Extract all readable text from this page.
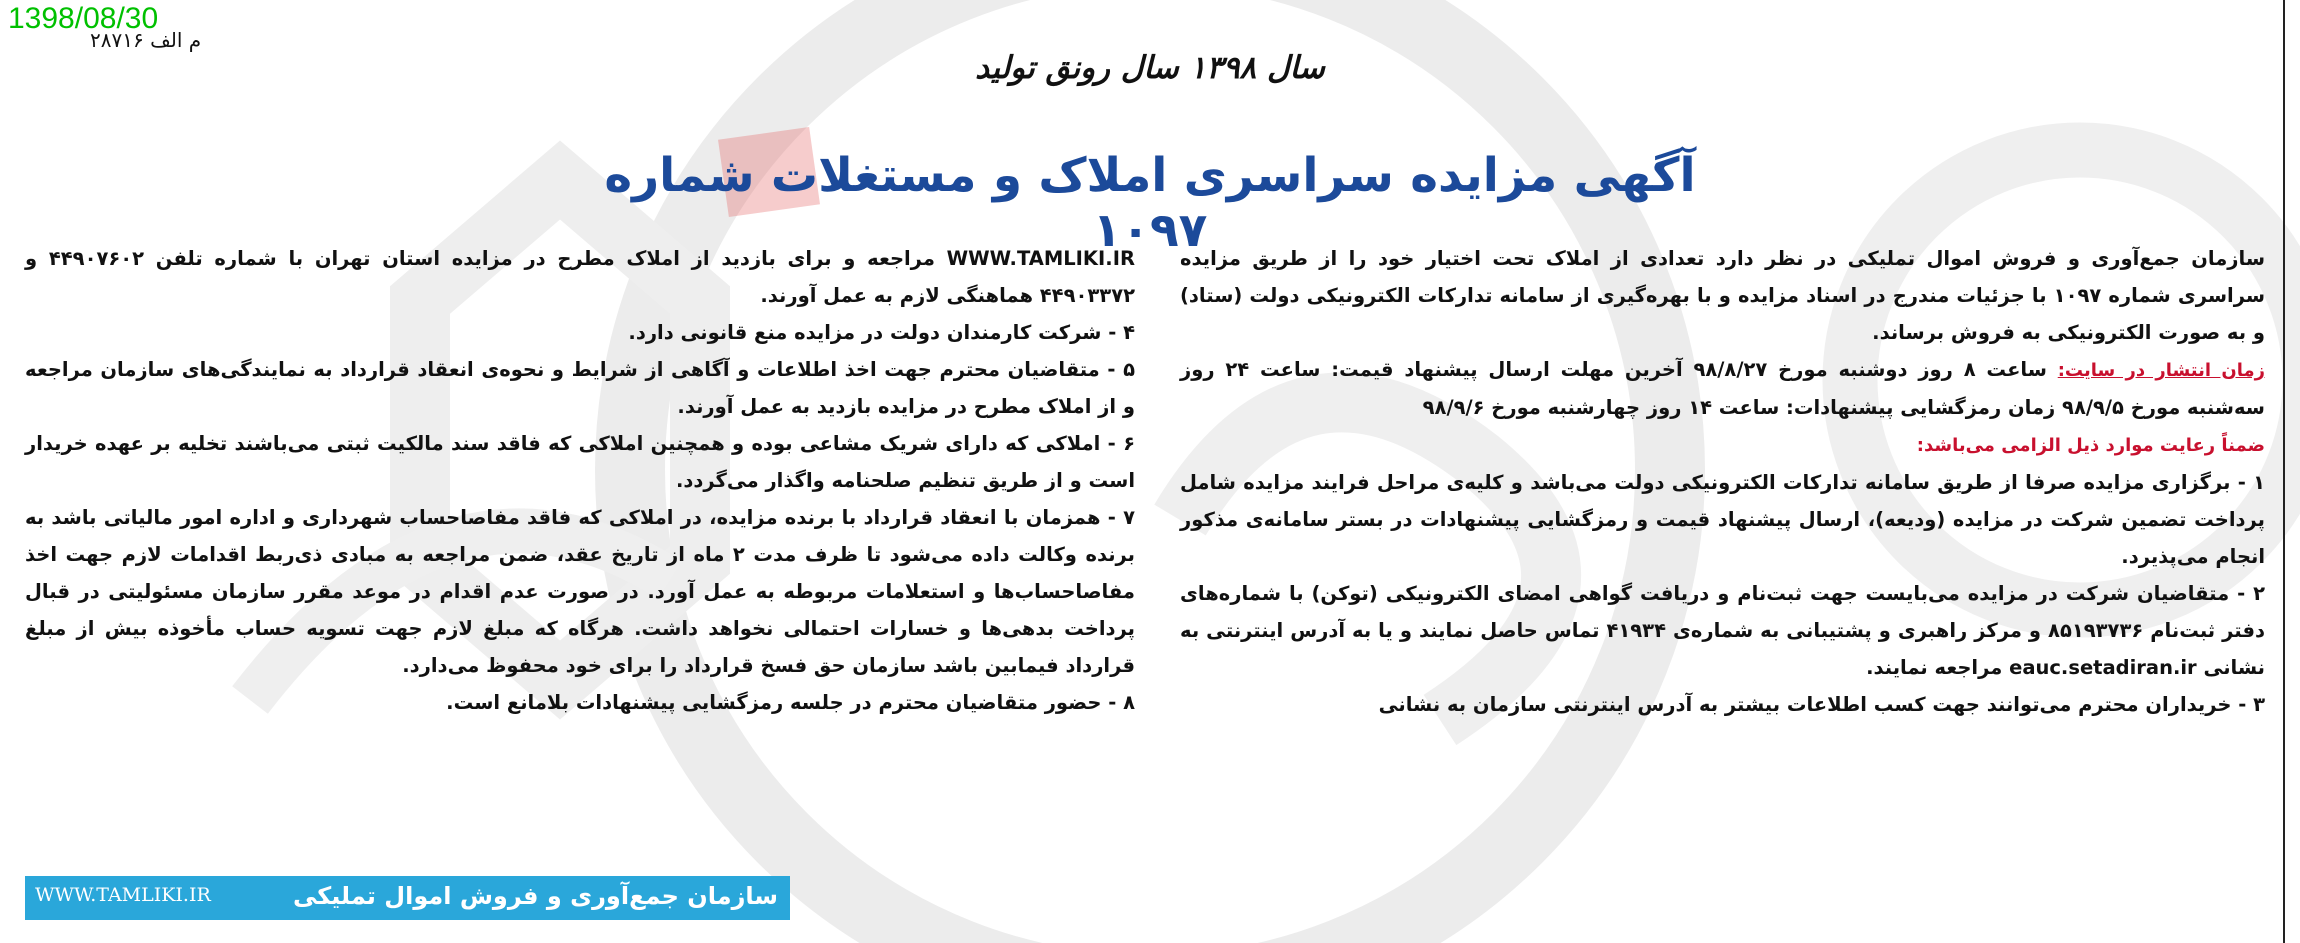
1398/08/30
م الف ۲۸۷۱۶
سال ۱۳۹۸ سال رونق تولید
آگهی مزایده سراسری املاک و مستغلات شماره ۱۰۹۷

سازمان جمع‌آوری و فروش اموال تملیکی در نظر دارد تعدادی از املاک تحت اختیار خود را از طریق مزایده سراسری شماره ۱۰۹۷ با جزئیات مندرج در اسناد مزایده و با بهره‌گیری از سامانه تدارکات الکترونیکی دولت (ستاد) و به صورت الکترونیکی به فروش برساند.

زمان انتشار در سایت: ساعت ۸ روز دوشنبه مورخ ۹۸/۸/۲۷ آخرین مهلت ارسال پیشنهاد قیمت: ساعت ۲۴ روز سه‌شنبه مورخ ۹۸/۹/۵ زمان رمزگشایی پیشنهادات: ساعت ۱۴ روز چهارشنبه مورخ ۹۸/۹/۶

ضمناً رعایت موارد ذیل الزامی می‌باشد:

۱ - برگزاری مزایده صرفا از طریق سامانه تدارکات الکترونیکی دولت می‌باشد و کلیه‌ی مراحل فرایند مزایده شامل پرداخت تضمین شرکت در مزایده (ودیعه)، ارسال پیشنهاد قیمت و رمزگشایی پیشنهادات در بستر سامانه‌ی مذکور انجام می‌پذیرد.

۲ - متقاضیان شرکت در مزایده می‌بایست جهت ثبت‌نام و دریافت گواهی امضای الکترونیکی (توکن) با شماره‌های دفتر ثبت‌نام ۸۵۱۹۳۷۳۶ و مرکز راهبری و پشتیبانی به شماره‌ی ۴۱۹۳۴ تماس حاصل نمایند و یا به آدرس اینترنتی به نشانی eauc.setadiran.ir مراجعه نمایند.

۳ - خریداران محترم می‌توانند جهت کسب اطلاعات بیشتر به آدرس اینترنتی سازمان به نشانی

WWW.TAMLIKI.IR مراجعه و برای بازدید از املاک مطرح در مزایده استان تهران با شماره تلفن ۴۴۹۰۷۶۰۲ و ۴۴۹۰۳۳۷۲ هماهنگی لازم به عمل آورند.

۴ - شرکت کارمندان دولت در مزایده منع قانونی دارد.

۵ - متقاضیان محترم جهت اخذ اطلاعات و آگاهی از شرایط و نحوه‌ی انعقاد قرارداد به نمایندگی‌های سازمان مراجعه و از املاک مطرح در مزایده بازدید به عمل آورند.

۶ - املاکی که دارای شریک مشاعی بوده و همچنین املاکی که فاقد سند مالکیت ثبتی می‌باشند تخلیه بر عهده خریدار است و از طریق تنظیم صلحنامه واگذار می‌گردد.

۷ - همزمان با انعقاد قرارداد با برنده مزایده، در املاکی که فاقد مفاصاحساب شهرداری و اداره امور مالیاتی باشد به برنده وکالت داده می‌شود تا ظرف مدت ۲ ماه از تاریخ عقد، ضمن مراجعه به مبادی ذی‌ربط اقدامات لازم جهت اخذ مفاصاحساب‌ها و استعلامات مربوطه به عمل آورد. در صورت عدم اقدام در موعد مقرر سازمان مسئولیتی در قبال پرداخت بدهی‌ها و خسارات احتمالی نخواهد داشت. هرگاه که مبلغ لازم جهت تسویه حساب مأخوذه بیش از مبلغ قرارداد فیمابین باشد سازمان حق فسخ قرارداد را برای خود محفوظ می‌دارد.

۸ - حضور متقاضیان محترم در جلسه رمزگشایی پیشنهادات بلامانع است.

سازمان جمع‌آوری و فروش اموال تملیکی
WWW.TAMLIKI.IR
